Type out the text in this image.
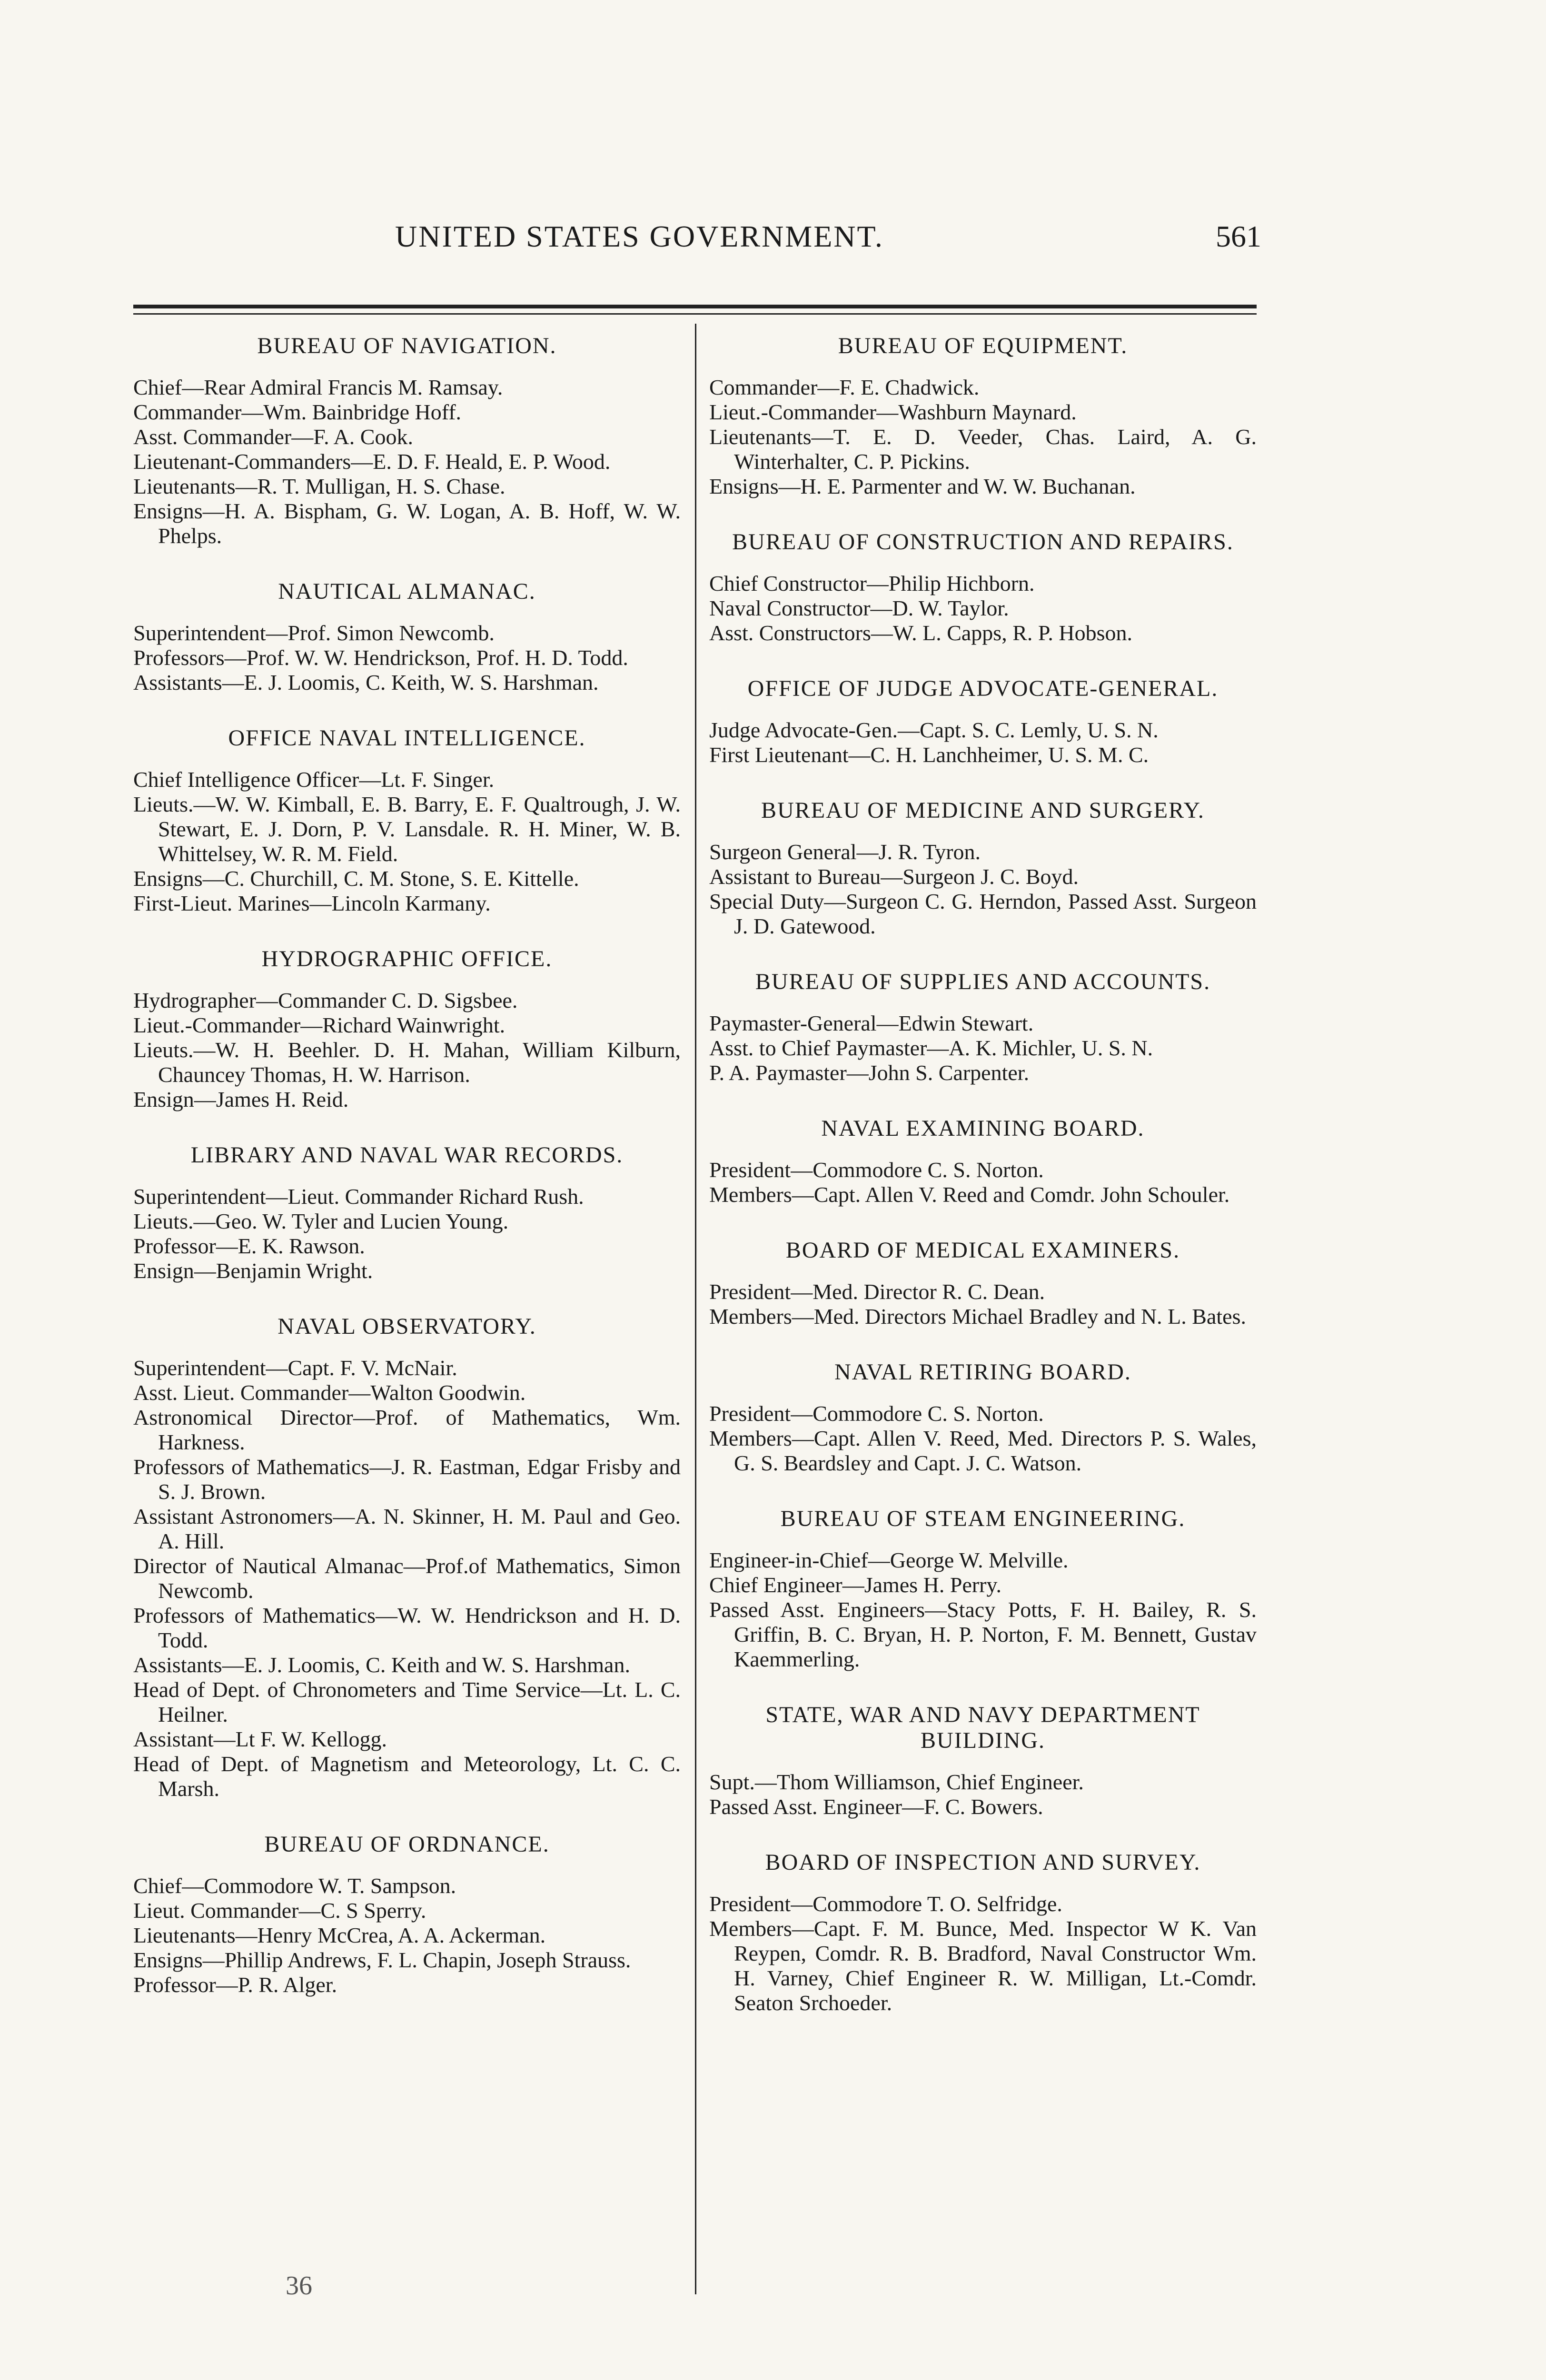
UNITED STATES GOVERNMENT.	561
BUREAU OF NAVIGATION.

Chief—Rear Admiral Francis M. Ramsay.

Commander—Wm. Bainbridge Hoff.

Asst. Commander—F. A. Cook.

Lieutenant-Commanders—E. D. F. Heald, E. P. Wood.

Lieutenants—R. T. Mulligan, H. S. Chase.

Ensigns—H. A. Bispham, G. W. Logan, A. B. Hoff, W. W. Phelps.

NAUTICAL ALMANAC.

Superintendent—Prof. Simon Newcomb.

Professors—Prof. W. W. Hendrickson, Prof. H. D. Todd.

Assistants—E. J. Loomis, C. Keith, W. S. Harshman.

OFFICE NAVAL INTELLIGENCE.

Chief Intelligence Officer—Lt. F. Singer.

Lieuts.—W. W. Kimball, E. B. Barry, E. F. Qualtrough, J. W. Stewart, E. J. Dorn, P. V. Lansdale. R. H. Miner, W. B. Whittelsey, W. R. M. Field.

Ensigns—C. Churchill, C. M. Stone, S. E. Kittelle.

First-Lieut. Marines—Lincoln Karmany.

HYDROGRAPHIC OFFICE.

Hydrographer—Commander C. D. Sigsbee.

Lieut.-Commander—Richard Wainwright.

Lieuts.—W. H. Beehler. D. H. Mahan, William Kilburn, Chauncey Thomas, H. W. Harrison.

Ensign—James H. Reid.

LIBRARY AND NAVAL WAR RECORDS.

Superintendent—Lieut. Commander Richard Rush.

Lieuts.—Geo. W. Tyler and Lucien Young.

Professor—E. K. Rawson.

Ensign—Benjamin Wright.

NAVAL OBSERVATORY.

Superintendent—Capt. F. V. McNair.

Asst. Lieut. Commander—Walton Goodwin.

Astronomical Director—Prof. of Mathematics, Wm. Harkness.

Professors of Mathematics—J. R. Eastman, Edgar Frisby and S. J. Brown.

Assistant Astronomers—A. N. Skinner, H. M. Paul and Geo. A. Hill.

Director of Nautical Almanac—Prof.of Mathematics, Simon Newcomb.

Professors of Mathematics—W. W. Hendrickson and H. D. Todd.

Assistants—E. J. Loomis, C. Keith and W. S. Harshman.

Head of Dept. of Chronometers and Time Service—Lt. L. C. Heilner.

Assistant—Lt F. W. Kellogg.

Head of Dept. of Magnetism and Meteorology, Lt. C. C. Marsh.

BUREAU OF ORDNANCE.

Chief—Commodore W. T. Sampson.

Lieut. Commander—C. S Sperry.

Lieutenants—Henry McCrea, A. A. Ackerman.

Ensigns—Phillip Andrews, F. L. Chapin, Joseph Strauss.

Professor—P. R. Alger.

BUREAU OF EQUIPMENT.

Commander—F. E. Chadwick.

Lieut.-Commander—Washburn Maynard.

Lieutenants—T. E. D. Veeder, Chas. Laird, A. G. Winterhalter, C. P. Pickins.

Ensigns—H. E. Parmenter and W. W. Buchanan.

BUREAU OF CONSTRUCTION AND REPAIRS.

Chief Constructor—Philip Hichborn.

Naval Constructor—D. W. Taylor.

Asst. Constructors—W. L. Capps, R. P. Hobson.

OFFICE OF JUDGE ADVOCATE-GENERAL.

Judge Advocate-Gen.—Capt. S. C. Lemly, U. S. N.

First Lieutenant—C. H. Lanchheimer, U. S. M. C.

BUREAU OF MEDICINE AND SURGERY.

Surgeon General—J. R. Tyron.

Assistant to Bureau—Surgeon J. C. Boyd.

Special Duty—Surgeon C. G. Herndon, Passed Asst. Surgeon J. D. Gatewood.

BUREAU OF SUPPLIES AND ACCOUNTS.

Paymaster-General—Edwin Stewart.

Asst. to Chief Paymaster—A. K. Michler, U. S. N.

P. A. Paymaster—John S. Carpenter.

NAVAL EXAMINING BOARD.

President—Commodore C. S. Norton.

Members—Capt. Allen V. Reed and Comdr. John Schouler.

BOARD OF MEDICAL EXAMINERS.

President—Med. Director R. C. Dean.

Members—Med. Directors Michael Bradley and N. L. Bates.

NAVAL RETIRING BOARD.

President—Commodore C. S. Norton.

Members—Capt. Allen V. Reed, Med. Directors P. S. Wales, G. S. Beardsley and Capt. J. C. Watson.

BUREAU OF STEAM ENGINEERING.

Engineer-in-Chief—George W. Melville.

Chief Engineer—James H. Perry.

Passed Asst. Engineers—Stacy Potts, F. H. Bailey, R. S. Griffin, B. C. Bryan, H. P. Norton, F. M. Bennett, Gustav Kaemmerling.

STATE, WAR AND NAVY DEPARTMENT BUILDING.

Supt.—Thom Williamson, Chief Engineer.

Passed Asst. Engineer—F. C. Bowers.

BOARD OF INSPECTION AND SURVEY.

President—Commodore T. O. Selfridge.

Members—Capt. F. M. Bunce, Med. Inspector W K. Van Reypen, Comdr. R. B. Bradford, Naval Constructor Wm. H. Varney, Chief Engineer R. W. Milligan, Lt.-Comdr. Seaton Srchoeder.

36
